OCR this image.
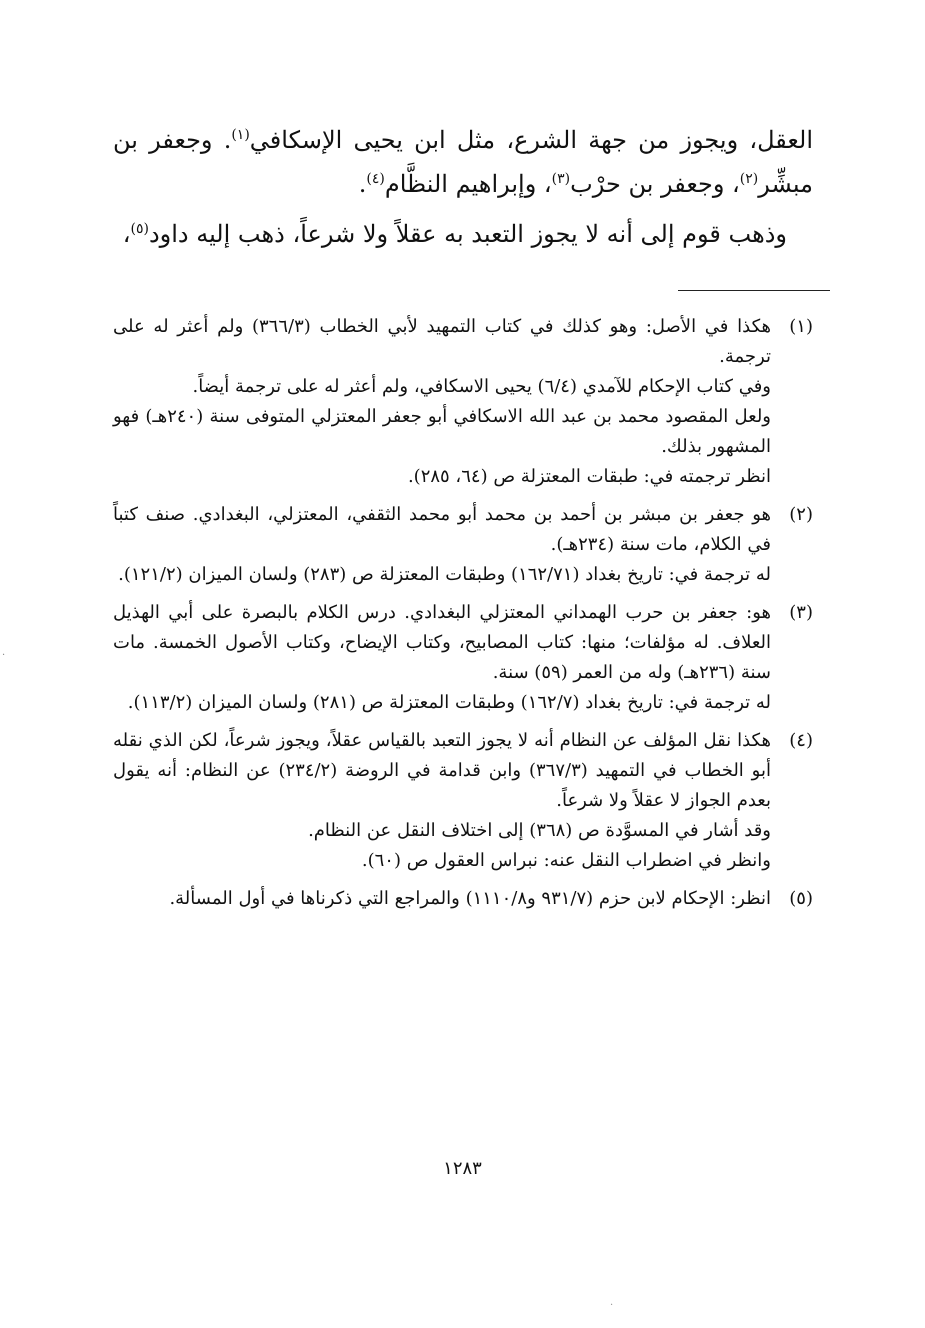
العقل، ويجوز من جهة الشرع، مثل ابن يحيى الإسكافي$^{(١)}$. وجعفر بن مبشِّر$^{(٢)}$، وجعفر بن حرْب$^{(٣)}$، وإبراهيم النظَّام$^{(٤)}$.

وذهب قوم إلى أنه لا يجوز التعبد به عقلاً ولا شرعاً، ذهب إليه داود$^{(٥)}$،

(١)

هكذا في الأصل: وهو كذلك في كتاب التمهيد لأبي الخطاب (٣٦٦/٣) ولم أعثر له على ترجمة.

وفي كتاب الإحكام للآمدي (٦/٤) يحيى الاسكافي، ولم أعثر له على ترجمة أيضاً.

ولعل المقصود محمد بن عبد الله الاسكافي أبو جعفر المعتزلي المتوفى سنة (٢٤٠هـ) فهو المشهور بذلك.

انظر ترجمته في: طبقات المعتزلة ص (٦٤، ٢٨٥).

(٢)

هو جعفر بن مبشر بن أحمد بن محمد أبو محمد الثقفي، المعتزلي، البغدادي. صنف كتباً في الكلام، مات سنة (٢٣٤هـ).

له ترجمة في: تاريخ بغداد (١٦٢/٧١) وطبقات المعتزلة ص (٢٨٣) ولسان الميزان (١٢١/٢).

(٣)

هو: جعفر بن حرب الهمداني المعتزلي البغدادي. درس الكلام بالبصرة على أبي الهذيل العلاف. له مؤلفات؛ منها: كتاب المصابيح، وكتاب الإيضاح، وكتاب الأصول الخمسة. مات سنة (٢٣٦هـ) وله من العمر (٥٩) سنة.

له ترجمة في: تاريخ بغداد (١٦٢/٧) وطبقات المعتزلة ص (٢٨١) ولسان الميزان (١١٣/٢).

(٤)

هكذا نقل المؤلف عن النظام أنه لا يجوز التعبد بالقياس عقلاً، ويجوز شرعاً، لكن الذي نقله أبو الخطاب في التمهيد (٣٦٧/٣) وابن قدامة في الروضة (٢٣٤/٢) عن النظام: أنه يقول بعدم الجواز لا عقلاً ولا شرعاً.

وقد أشار في المسوَّدة ص (٣٦٨) إلى اختلاف النقل عن النظام.

وانظر في اضطراب النقل عنه: نبراس العقول ص (٦٠).

(٥)

انظر: الإحكام لابن حزم (٩٣١/٧ و١١١٠/٨) والمراجع التي ذكرناها في أول المسألة.

١٢٨٣
·
·
